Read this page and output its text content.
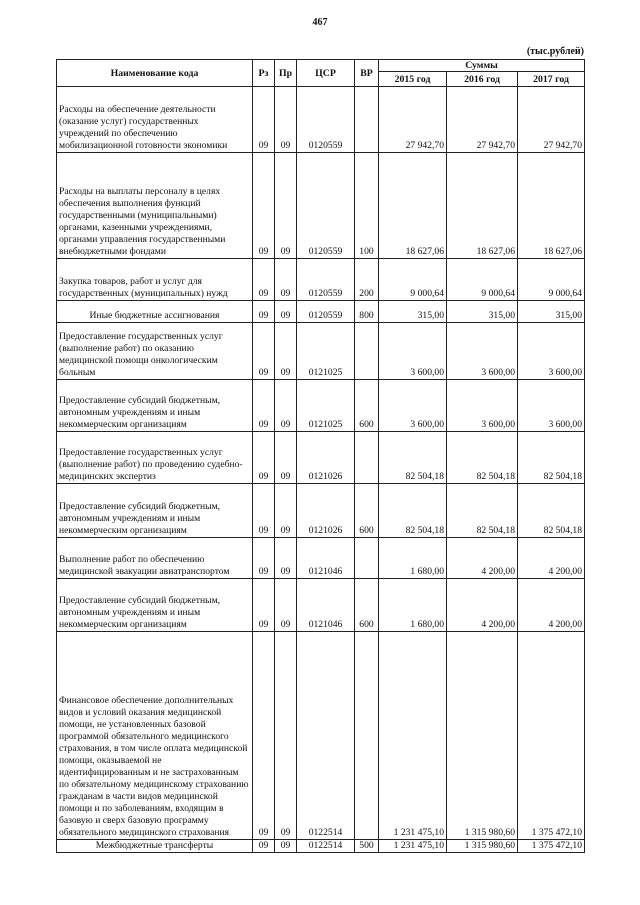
467
(тыс.рублей)
Наименование кода	Рз	Пр	ЦСР	ВР	Суммы		
					2015 год	2016 год	2017 год
Расходы на обеспечение деятельности (оказание услуг) государственных учреждений по обеспечению мобилизационной готовности экономики	09	09	0120559		27 942,70	27 942,70	27 942,70
Расходы на выплаты персоналу в целях обеспечения выполнения функций государственными (муниципальными) органами, казенными учреждениями, органами управления государственными внебюджетными фондами	09	09	0120559	100	18 627,06	18 627,06	18 627,06
Закупка товаров, работ и услуг для государственных (муниципальных) нужд	09	09	0120559	200	9 000,64	9 000,64	9 000,64
Иные бюджетные ассигнования	09	09	0120559	800	315,00	315,00	315,00
Предоставление государственных услуг (выполнение работ) по оказанию медицинской помощи онкологическим больным	09	09	0121025		3 600,00	3 600,00	3 600,00
Предоставление субсидий бюджетным, автономным учреждениям и иным некоммерческим организациям	09	09	0121025	600	3 600,00	3 600,00	3 600,00
Предоставление государственных услуг (выполнение работ) по проведению судебно-медицинских экспертиз	09	09	0121026		82 504,18	82 504,18	82 504,18
Предоставление субсидий бюджетным, автономным учреждениям и иным некоммерческим организациям	09	09	0121026	600	82 504,18	82 504,18	82 504,18
Выполнение работ по обеспечению медицинской эвакуации авиатранспортом	09	09	0121046		1 680,00	4 200,00	4 200,00
Предоставление субсидий бюджетным, автономным учреждениям и иным некоммерческим организациям	09	09	0121046	600	1 680,00	4 200,00	4 200,00
Финансовое обеспечение дополнительных видов и условий оказания медицинской помощи, не установленных базовой программой обязательного медицинского страхования, в том числе оплата медицинской помощи, оказываемой не идентифицированным и не застрахованным по обязательному медицинскому страхованию гражданам в части видов медицинской помощи и по заболеваниям, входящим в базовую и сверх базовую программу обязательного медицинского страхования	09	09	0122514		1 231 475,10	1 315 980,60	1 375 472,10
Межбюджетные трансферты	09	09	0122514	500	1 231 475,10	1 315 980,60	1 375 472,10
